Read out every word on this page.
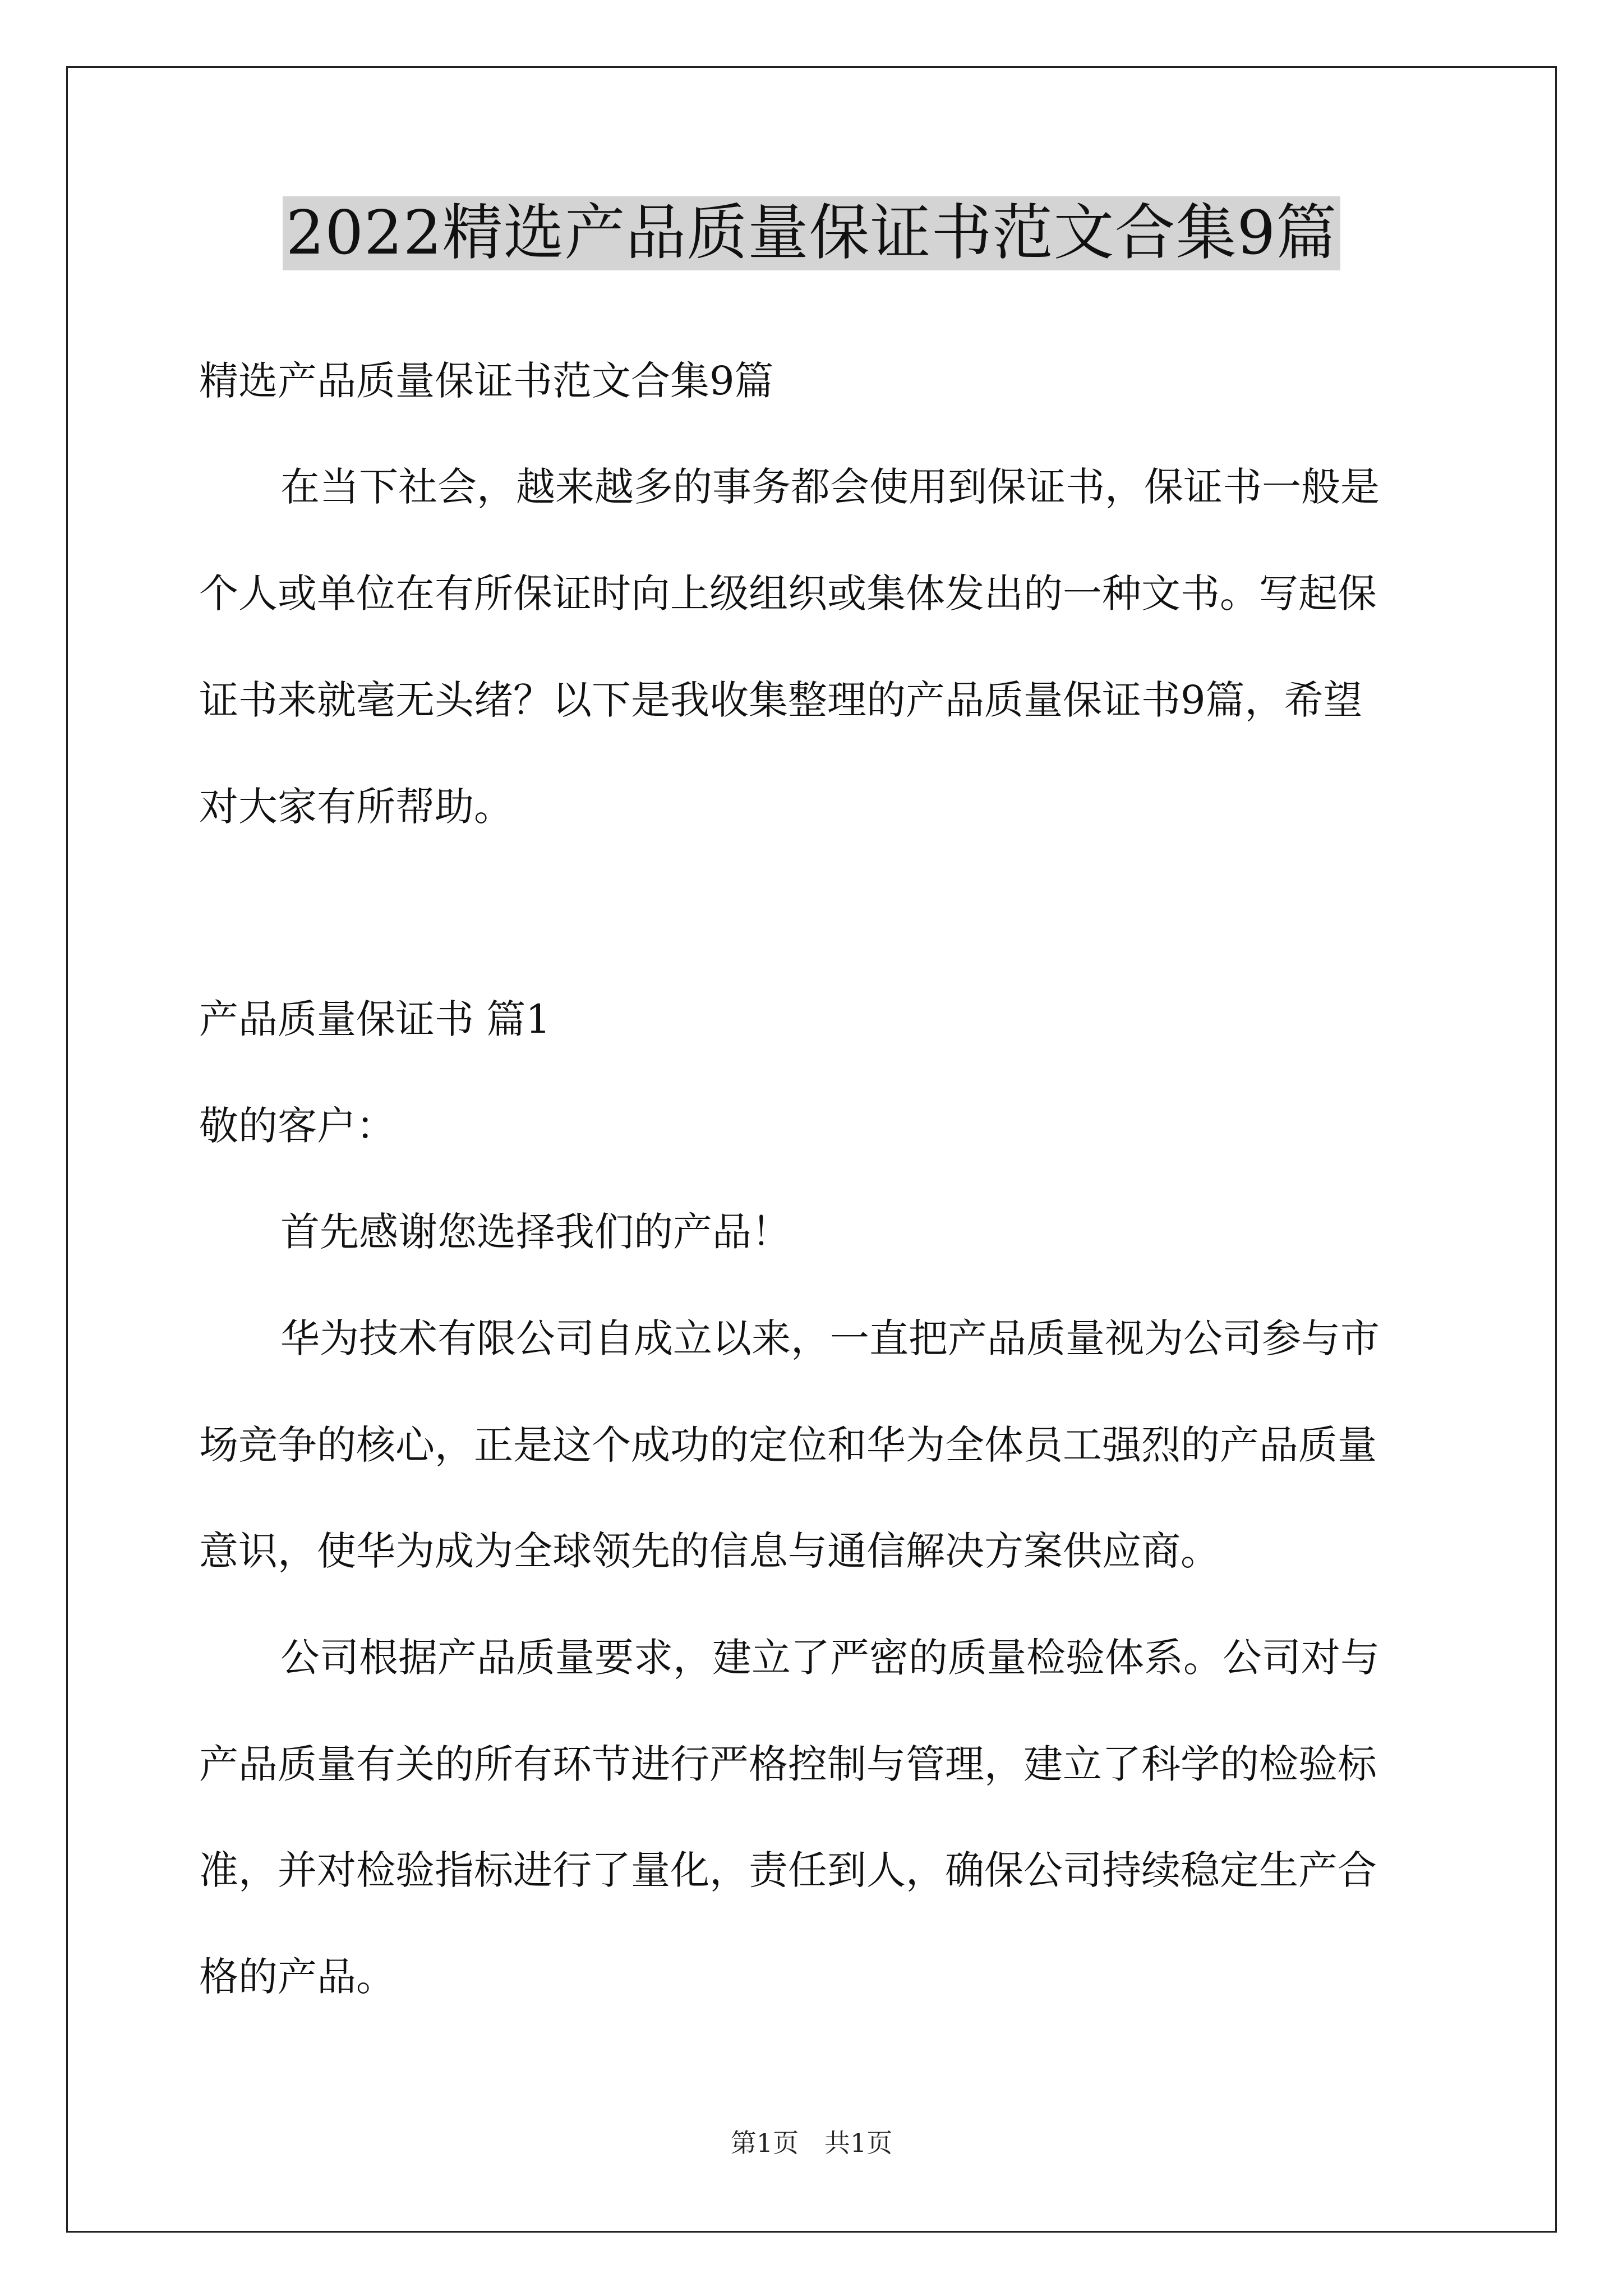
2022精选产品质量保证书范文合集9篇
精选产品质量保证书范文合集9篇
在当下社会，越来越多的事务都会使用到保证书，保证书一般是
个人或单位在有所保证时向上级组织或集体发出的一种文书。写起保
证书来就毫无头绪？以下是我收集整理的产品质量保证书9篇，希望
对大家有所帮助。
产品质量保证书 篇1
敬的客户：
首先感谢您选择我们的产品！
华为技术有限公司自成立以来，一直把产品质量视为公司参与市
场竞争的核心，正是这个成功的定位和华为全体员工强烈的产品质量
意识，使华为成为全球领先的信息与通信解决方案供应商。
公司根据产品质量要求，建立了严密的质量检验体系。公司对与
产品质量有关的所有环节进行严格控制与管理，建立了科学的检验标
准，并对检验指标进行了量化，责任到人，确保公司持续稳定生产合
格的产品。
第1页　共1页
